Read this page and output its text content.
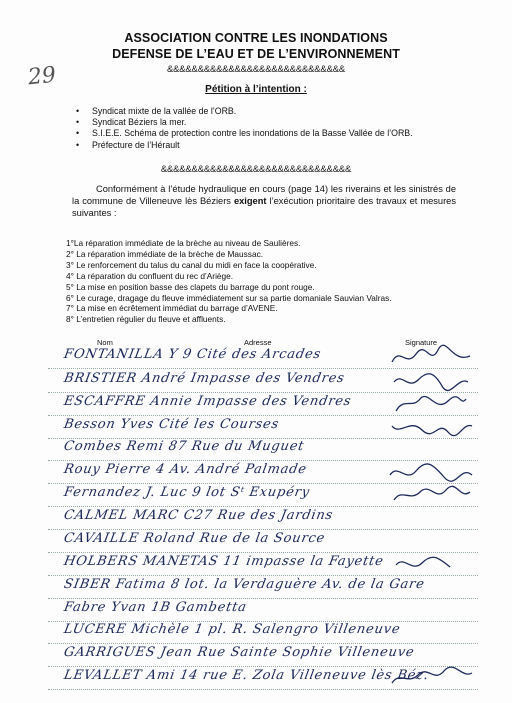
29
ASSOCIATION CONTRE LES INONDATIONS
DEFENSE DE L’EAU ET DE L’ENVIRONNEMENT
&&&&&&&&&&&&&&&&&&&&&&&&&&&&&
Pétition à l’intention :
• Syndicat mixte de la vallée de l’ORB.
• Syndicat Béziers la mer.
• S.I.E.E. Schéma de protection contre les inondations de la Basse Vallée de l’ORB.
• Préfecture de l’Hérault
&&&&&&&&&&&&&&&&&&&&&&&&&&&&&&&
Conformément à l’étude hydraulique en cours (page 14) les riverains et les sinistrés de la commune de Villeneuve lès Béziers exigent l’exécution prioritaire des travaux et mesures suivantes :
1°La réparation immédiate de la brèche au niveau de Saulières.
2° La réparation immédiate de la brèche de Maussac.
3° Le renforcement du talus du canal du midi en face la coopérative.
4° La réparation du confluent du rec d’Ariège.
5° La mise en position basse des clapets du barrage du pont rouge.
6° Le curage, dragage du fleuve immédiatement sur sa partie domaniale Sauvian Valras.
7° La mise en écrêtement immédiat du barrage d’AVENE.
8° L’entretien régulier du fleuve et affluents.
Nom	Adresse	Signature
FONTANILLA Y 9 Cité des Arcades
BRISTIER André Impasse des Vendres
ESCAFFRE Annie Impasse des Vendres
Besson Yves Cité les Courses
Combes Remi 87 Rue du Muguet
Rouy Pierre 4 Av. André Palmade
Fernandez J. Luc 9 lot Sᵗ Exupéry
CALMEL MARC C27 Rue des Jardins
CAVAILLE Roland Rue de la Source
HOLBERS MANETAS 11 impasse la Fayette
SIBER Fatima 8 lot. la Verdaguère Av. de la Gare
Fabre Yvan 1B Gambetta
LUCERE Michèle 1 pl. R. Salengro Villeneuve
GARRIGUES Jean Rue Sainte Sophie Villeneuve
LEVALLET Ami 14 rue E. Zola Villeneuve lès Béz.
